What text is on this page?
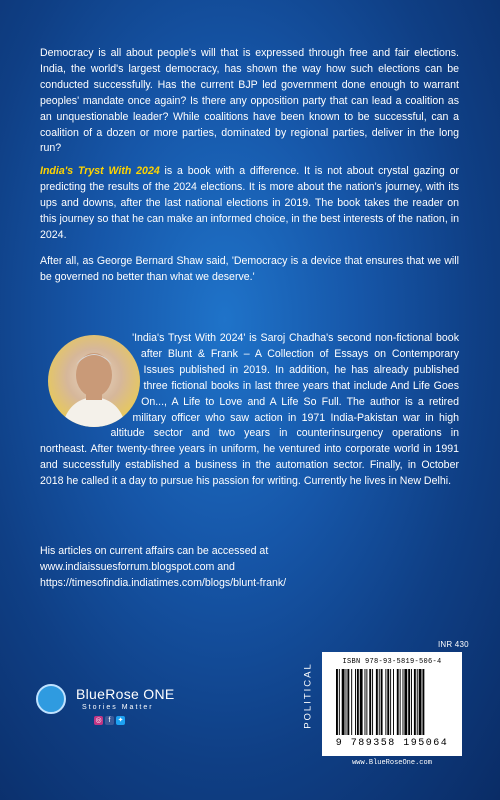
Democracy is all about people's will that is expressed through free and fair elections. India, the world's largest democracy, has shown the way how such elections can be conducted successfully. Has the current BJP led government done enough to warrant peoples' mandate once again? Is there any opposition party that can lead a coalition as an unquestionable leader? While coalitions have been known to be successful, can a coalition of a dozen or more parties, dominated by regional parties, deliver in the long run?

India's Tryst With 2024 is a book with a difference. It is not about crystal gazing or predicting the results of the 2024 elections. It is more about the nation's journey, with its ups and downs, after the last national elections in 2019. The book takes the reader on this journey so that he can make an informed choice, in the best interests of the nation, in 2024.

After all, as George Bernard Shaw said, 'Democracy is a device that ensures that we will be governed no better than what we deserve.'

'India's Tryst With 2024' is Saroj Chadha's second non-fictional book after Blunt & Frank – A Collection of Essays on Contemporary Issues published in 2019. In addition, he has already published three fictional books in last three years that include And Life Goes On..., A Life to Love and A Life So Full. The author is a retired military officer who saw action in 1971 India-Pakistan war in high altitude sector and two years in counterinsurgency operations in northeast. After twenty-three years in uniform, he ventured into corporate world in 1991 and successfully established a business in the automation sector. Finally, in October 2018 he called it a day to pursue his passion for writing. Currently he lives in New Delhi.

His articles on current affairs can be accessed at
www.indiaissuesforrum.blogspot.com and
https://timesofindia.indiatimes.com/blogs/blunt-frank/
BlueRose ONE
Stories Matter
◎ f	✦	POLITICAL
INR 430
ISBN 978-93-5819-506-4
9 789358 195064
www.BlueRoseOne.com
